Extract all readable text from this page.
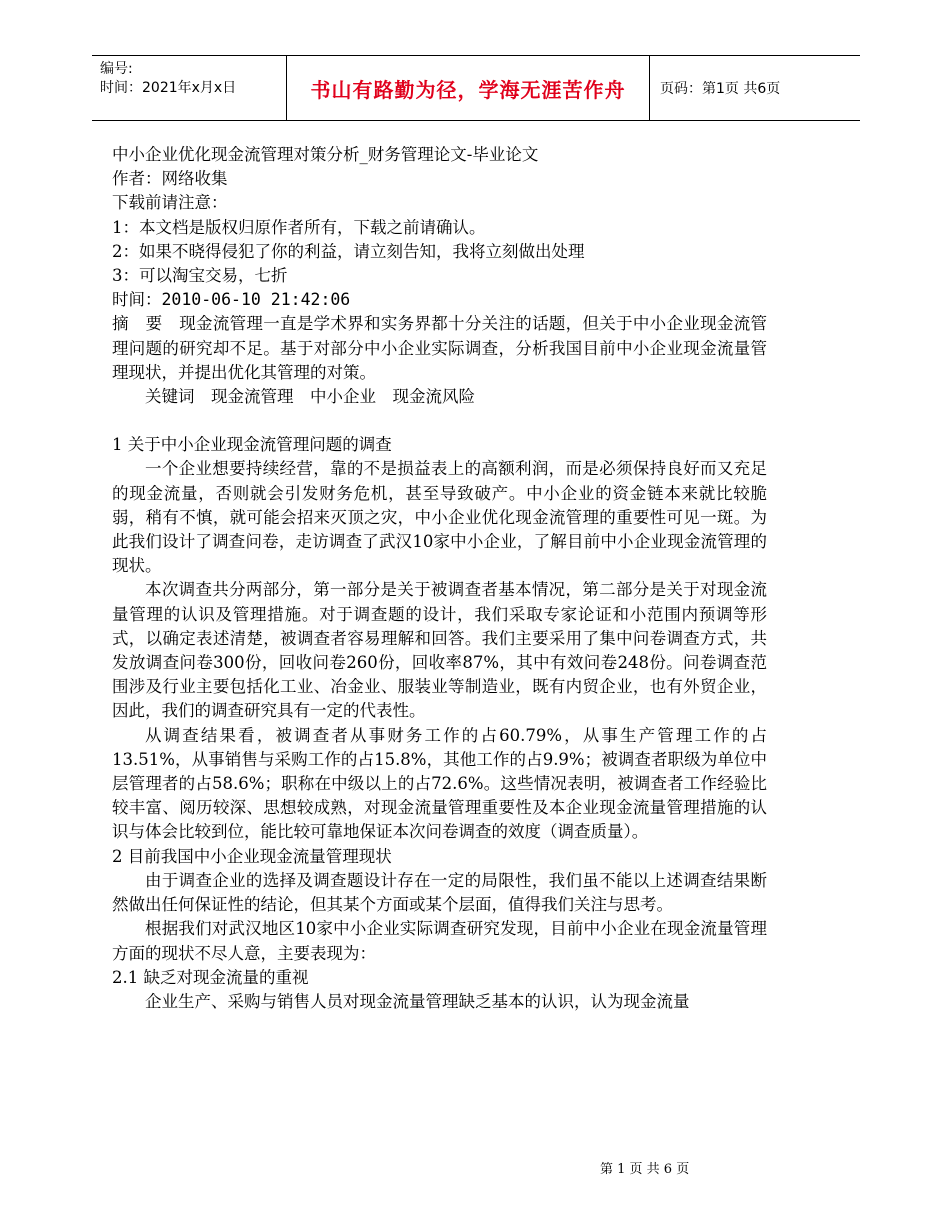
编号:
时间：2021年x月x日	书山有路勤为径，学海无涯苦作舟	页码：第1页 共6页

中小企业优化现金流管理对策分析_财务管理论文-毕业论文

作者：网络收集

下载前请注意：

1：本文档是版权归原作者所有，下载之前请确认。

2：如果不晓得侵犯了你的利益，请立刻告知，我将立刻做出处理

3：可以淘宝交易，七折

时间：2010-06-10 21:42:06

摘　要　现金流管理一直是学术界和实务界都十分关注的话题，但关于中小企业现金流管理问题的研究却不足。基于对部分中小企业实际调查，分析我国目前中小企业现金流量管理现状，并提出优化其管理的对策。

关键词　现金流管理　中小企业　现金流风险

1 关于中小企业现金流管理问题的调查

一个企业想要持续经营，靠的不是损益表上的高额利润，而是必须保持良好而又充足的现金流量，否则就会引发财务危机，甚至导致破产。中小企业的资金链本来就比较脆弱，稍有不慎，就可能会招来灭顶之灾，中小企业优化现金流管理的重要性可见一斑。为此我们设计了调查问卷，走访调查了武汉10家中小企业，了解目前中小企业现金流管理的现状。

本次调查共分两部分，第一部分是关于被调查者基本情况，第二部分是关于对现金流量管理的认识及管理措施。对于调查题的设计，我们采取专家论证和小范围内预调等形式，以确定表述清楚，被调查者容易理解和回答。我们主要采用了集中问卷调查方式，共发放调查问卷300份，回收问卷260份，回收率87%，其中有效问卷248份。问卷调查范围涉及行业主要包括化工业、冶金业、服装业等制造业，既有内贸企业，也有外贸企业，因此，我们的调查研究具有一定的代表性。

从调查结果看，被调查者从事财务工作的占60.79%，从事生产管理工作的占13.51%，从事销售与采购工作的占15.8%，其他工作的占9.9%；被调查者职级为单位中层管理者的占58.6%；职称在中级以上的占72.6%。这些情况表明，被调查者工作经验比较丰富、阅历较深、思想较成熟，对现金流量管理重要性及本企业现金流量管理措施的认识与体会比较到位，能比较可靠地保证本次问卷调查的效度（调查质量）。

2 目前我国中小企业现金流量管理现状

由于调查企业的选择及调查题设计存在一定的局限性，我们虽不能以上述调查结果断然做出任何保证性的结论，但其某个方面或某个层面，值得我们关注与思考。

根据我们对武汉地区10家中小企业实际调查研究发现，目前中小企业在现金流量管理方面的现状不尽人意，主要表现为：

2.1 缺乏对现金流量的重视

企业生产、采购与销售人员对现金流量管理缺乏基本的认识，认为现金流量

第 1 页 共 6 页
